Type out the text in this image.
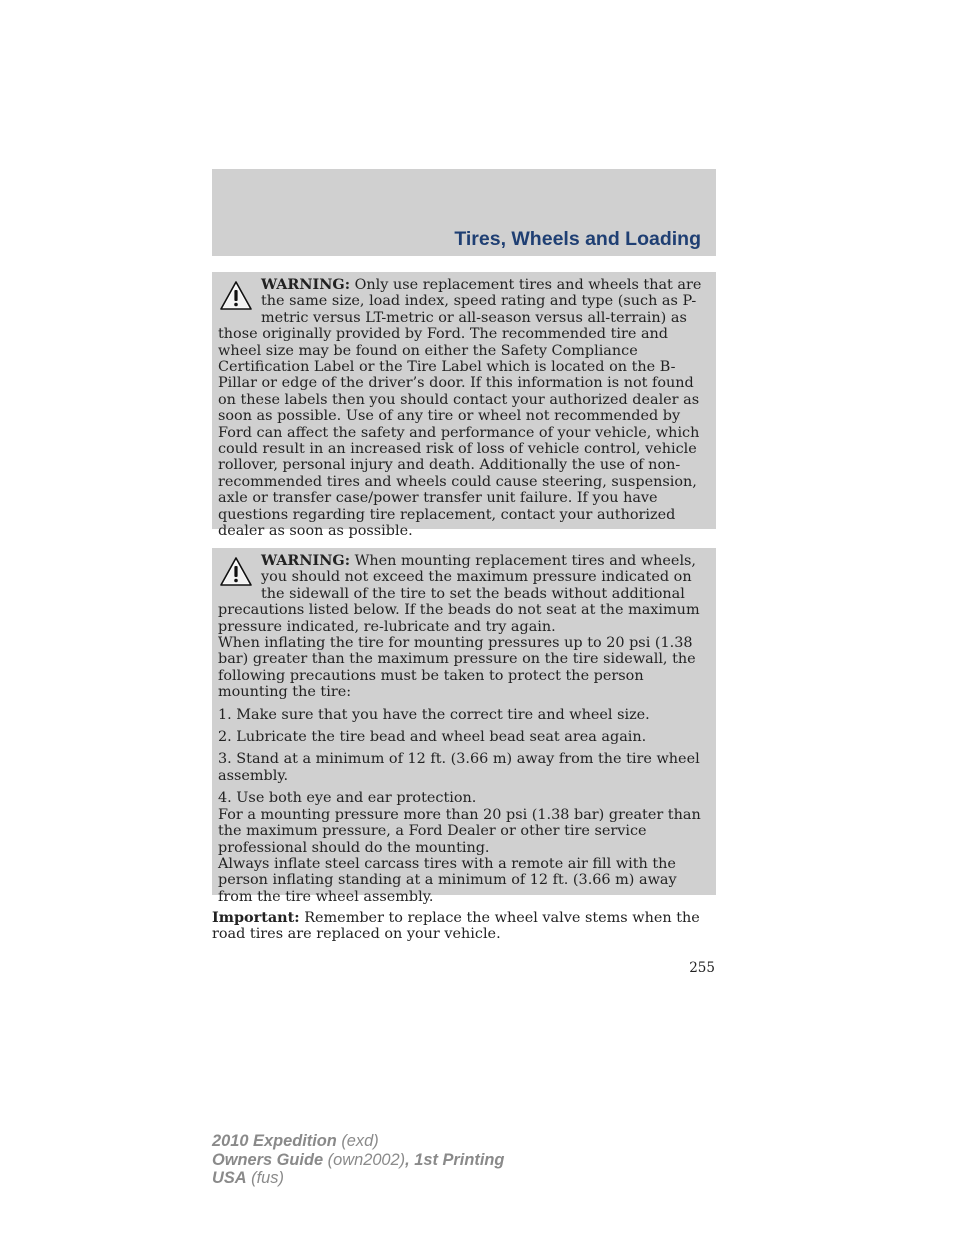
Tires, Wheels and Loading

WARNING: Only use replacement tires and wheels that are the same size, load index, speed rating and type (such as P-metric versus LT-metric or all-season versus all-terrain) as those originally provided by Ford. The recommended tire and wheel size may be found on either the Safety Compliance Certification Label or the Tire Label which is located on the B-Pillar or edge of the driver’s door. If this information is not found on these labels then you should contact your authorized dealer as soon as possible. Use of any tire or wheel not recommended by Ford can affect the safety and performance of your vehicle, which could result in an increased risk of loss of vehicle control, vehicle rollover, personal injury and death. Additionally the use of non-recommended tires and wheels could cause steering, suspension, axle or transfer case/power transfer unit failure. If you have questions regarding tire replacement, contact your authorized dealer as soon as possible.

WARNING: When mounting replacement tires and wheels, you should not exceed the maximum pressure indicated on the sidewall of the tire to set the beads without additional precautions listed below. If the beads do not seat at the maximum pressure indicated, re-lubricate and try again.

When inflating the tire for mounting pressures up to 20 psi (1.38 bar) greater than the maximum pressure on the tire sidewall, the following precautions must be taken to protect the person mounting the tire:

1. Make sure that you have the correct tire and wheel size.

2. Lubricate the tire bead and wheel bead seat area again.

3. Stand at a minimum of 12 ft. (3.66 m) away from the tire wheel assembly.

4. Use both eye and ear protection.

For a mounting pressure more than 20 psi (1.38 bar) greater than the maximum pressure, a Ford Dealer or other tire service professional should do the mounting.

Always inflate steel carcass tires with a remote air fill with the person inflating standing at a minimum of 12 ft. (3.66 m) away from the tire wheel assembly.

Important: Remember to replace the wheel valve stems when the road tires are replaced on your vehicle.
255
2010 Expedition (exd)
Owners Guide (own2002), 1st Printing
USA (fus)
